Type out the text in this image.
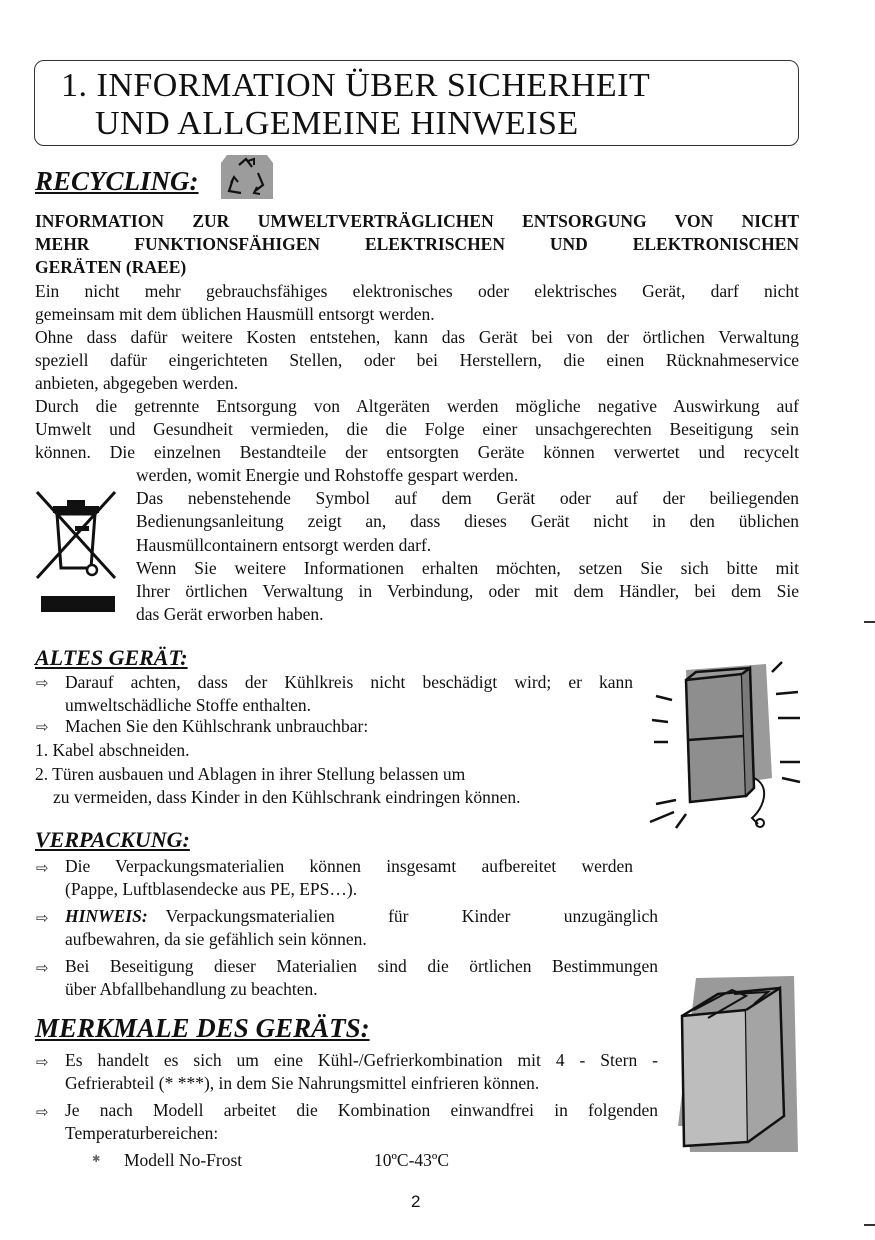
1. INFORMATION ÜBER SICHERHEIT
UND ALLGEMEINE HINWEISE
RECYCLING:
INFORMATION ZUR UMWELTVERTRÄGLICHEN ENTSORGUNG VON NICHT
MEHR FUNKTIONSFÄHIGEN ELEKTRISCHEN UND ELEKTRONISCHEN
GERÄTEN (RAEE)
Ein nicht mehr gebrauchsfähiges elektronisches oder elektrisches Gerät, darf nicht
gemeinsam mit dem üblichen Hausmüll entsorgt werden.
Ohne dass dafür weitere Kosten entstehen, kann das Gerät bei von der örtlichen Verwaltung
speziell dafür eingerichteten Stellen, oder bei Herstellern, die einen Rücknahmeservice
anbieten, abgegeben werden.
Durch die getrennte Entsorgung von Altgeräten werden mögliche negative Auswirkung auf
Umwelt und Gesundheit vermieden, die die Folge einer unsachgerechten Beseitigung sein
können. Die einzelnen Bestandteile der entsorgten Geräte können verwertet und recycelt
werden, womit Energie und Rohstoffe gespart werden.
Das nebenstehende Symbol auf dem Gerät oder auf der beiliegenden
Bedienungsanleitung zeigt an, dass dieses Gerät nicht in den üblichen
Hausmüllcontainern entsorgt werden darf.
Wenn Sie weitere Informationen erhalten möchten, setzen Sie sich bitte mit
Ihrer örtlichen Verwaltung in Verbindung, oder mit dem Händler, bei dem Sie
das Gerät erworben haben.
ALTES GERÄT:
⇨ Darauf achten, dass der Kühlkreis nicht beschädigt wird; er kann
umweltschädliche Stoffe enthalten.
⇨ Machen Sie den Kühlschrank unbrauchbar:
1. Kabel abschneiden.
2. Türen ausbauen und Ablagen in ihrer Stellung belassen um
zu vermeiden, dass Kinder in den Kühlschrank eindringen können.
VERPACKUNG:
⇨ Die Verpackungsmaterialien können insgesamt aufbereitet werden
(Pappe, Luftblasendecke aus PE, EPS…).
⇨ HINWEIS: Verpackungsmaterialien für Kinder unzugänglich
aufbewahren, da sie gefählich sein können.
⇨ Bei Beseitigung dieser Materialien sind die örtlichen Bestimmungen
über Abfallbehandlung zu beachten.
MERKMALE DES GERÄTS:
⇨ Es handelt es sich um eine Kühl-/Gefrierkombination mit 4 - Stern -
Gefrierabteil (* ***), in dem Sie Nahrungsmittel einfrieren können.
⇨ Je nach Modell arbeitet die Kombination einwandfrei in folgenden
Temperaturbereichen:
✱ Modell No-Frost	10ºC-43ºC
2
